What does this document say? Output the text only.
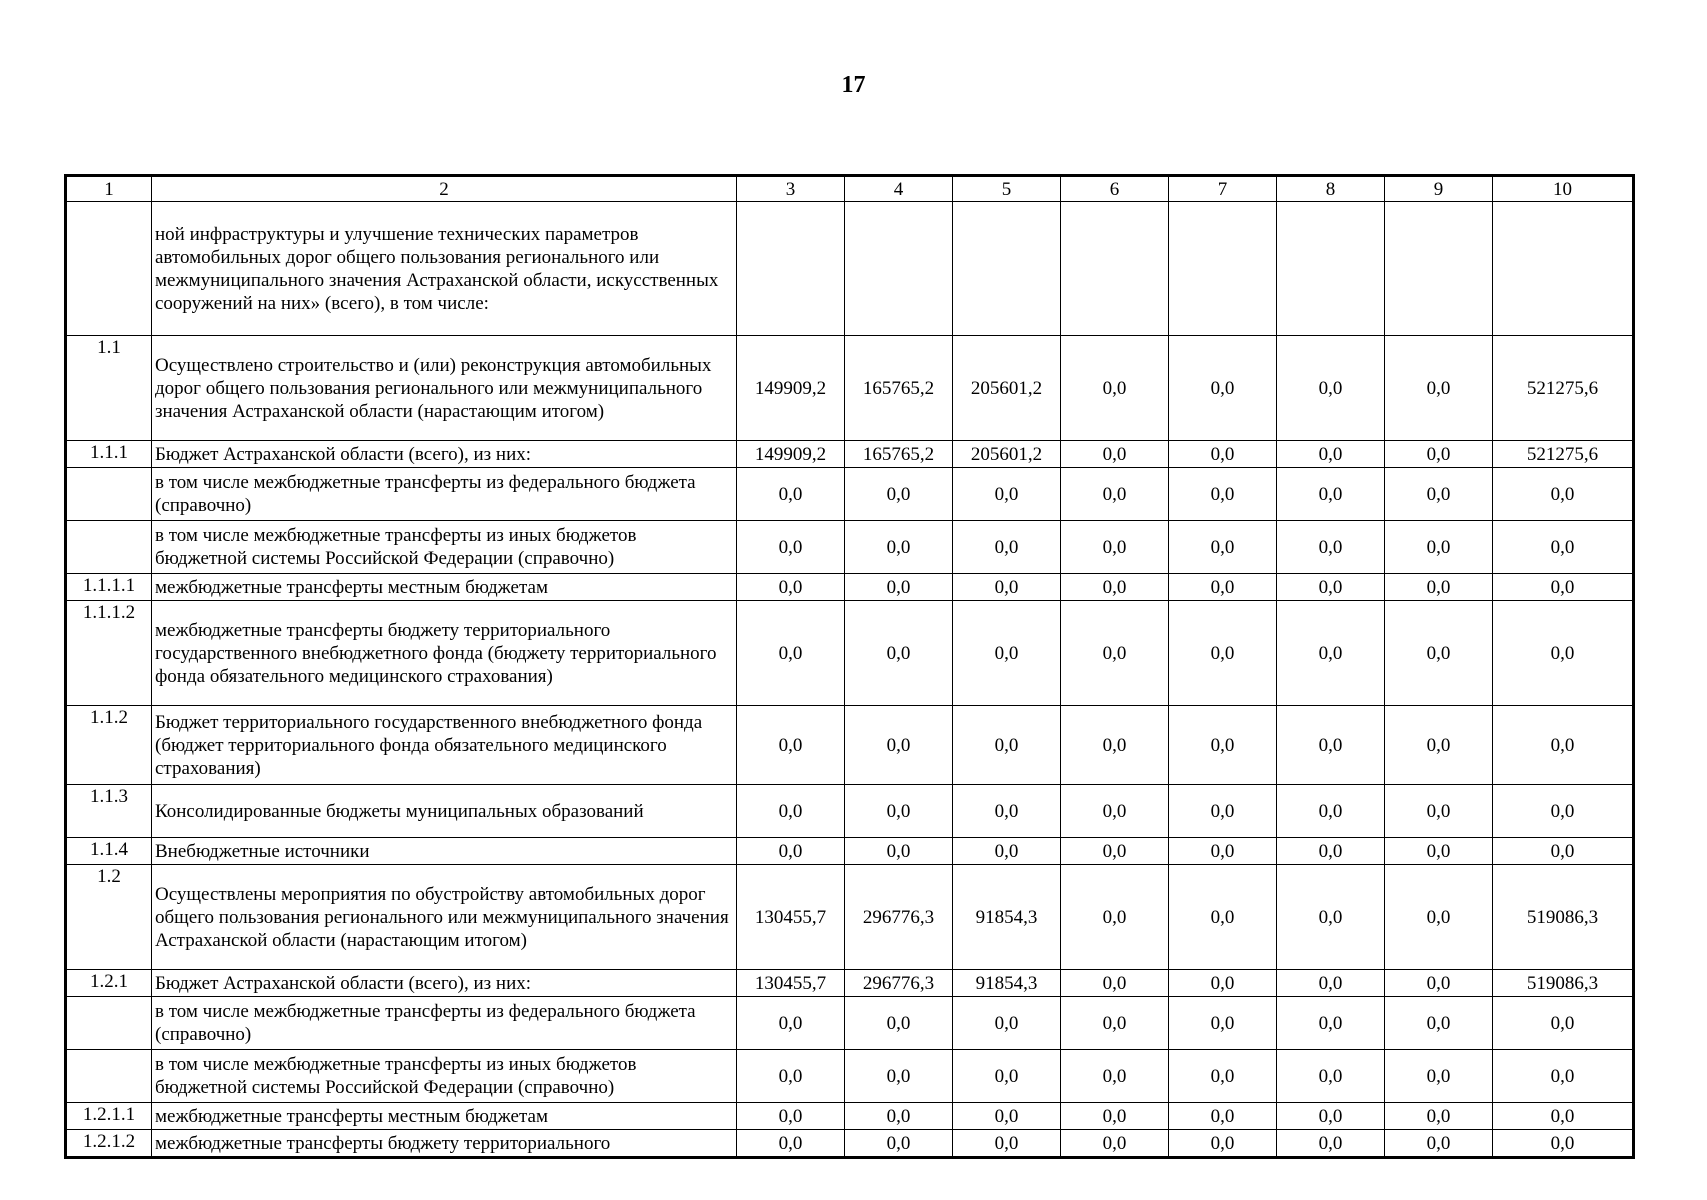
17
1	2	3	4	5	6	7	8	9	10
	ной инфраструктуры и улучшение технических параметров автомобильных дорог общего пользования регионального или межмуниципального значения Астраханской области, искусственных сооружений на них» (всего), в том числе:								
1.1	Осуществлено строительство и (или) реконструкция автомобильных дорог общего пользования регионального или межмуниципального значения Астраханской области (нарастающим итогом)	149909,2	165765,2	205601,2	0,0	0,0	0,0	0,0	521275,6
1.1.1	Бюджет Астраханской области (всего), из них:	149909,2	165765,2	205601,2	0,0	0,0	0,0	0,0	521275,6
	в том числе межбюджетные трансферты из федерального бюджета (справочно)	0,0	0,0	0,0	0,0	0,0	0,0	0,0	0,0
	в том числе межбюджетные трансферты из иных бюджетов бюджетной системы Российской Федерации (справочно)	0,0	0,0	0,0	0,0	0,0	0,0	0,0	0,0
1.1.1.1	межбюджетные трансферты местным бюджетам	0,0	0,0	0,0	0,0	0,0	0,0	0,0	0,0
1.1.1.2	межбюджетные трансферты бюджету территориального государственного внебюджетного фонда (бюджету территориального фонда обязательного медицинского страхования)	0,0	0,0	0,0	0,0	0,0	0,0	0,0	0,0
1.1.2	Бюджет территориального государственного внебюджетного фонда (бюджет территориального фонда обязательного медицинского страхования)	0,0	0,0	0,0	0,0	0,0	0,0	0,0	0,0
1.1.3	Консолидированные бюджеты муниципальных образований	0,0	0,0	0,0	0,0	0,0	0,0	0,0	0,0
1.1.4	Внебюджетные источники	0,0	0,0	0,0	0,0	0,0	0,0	0,0	0,0
1.2	Осуществлены мероприятия по обустройству автомобильных дорог общего пользования регионального или межмуниципального значения Астраханской области (нарастающим итогом)	130455,7	296776,3	91854,3	0,0	0,0	0,0	0,0	519086,3
1.2.1	Бюджет Астраханской области (всего), из них:	130455,7	296776,3	91854,3	0,0	0,0	0,0	0,0	519086,3
	в том числе межбюджетные трансферты из федерального бюджета (справочно)	0,0	0,0	0,0	0,0	0,0	0,0	0,0	0,0
	в том числе межбюджетные трансферты из иных бюджетов бюджетной системы Российской Федерации (справочно)	0,0	0,0	0,0	0,0	0,0	0,0	0,0	0,0
1.2.1.1	межбюджетные трансферты местным бюджетам	0,0	0,0	0,0	0,0	0,0	0,0	0,0	0,0
1.2.1.2	межбюджетные трансферты бюджету территориального	0,0	0,0	0,0	0,0	0,0	0,0	0,0	0,0
